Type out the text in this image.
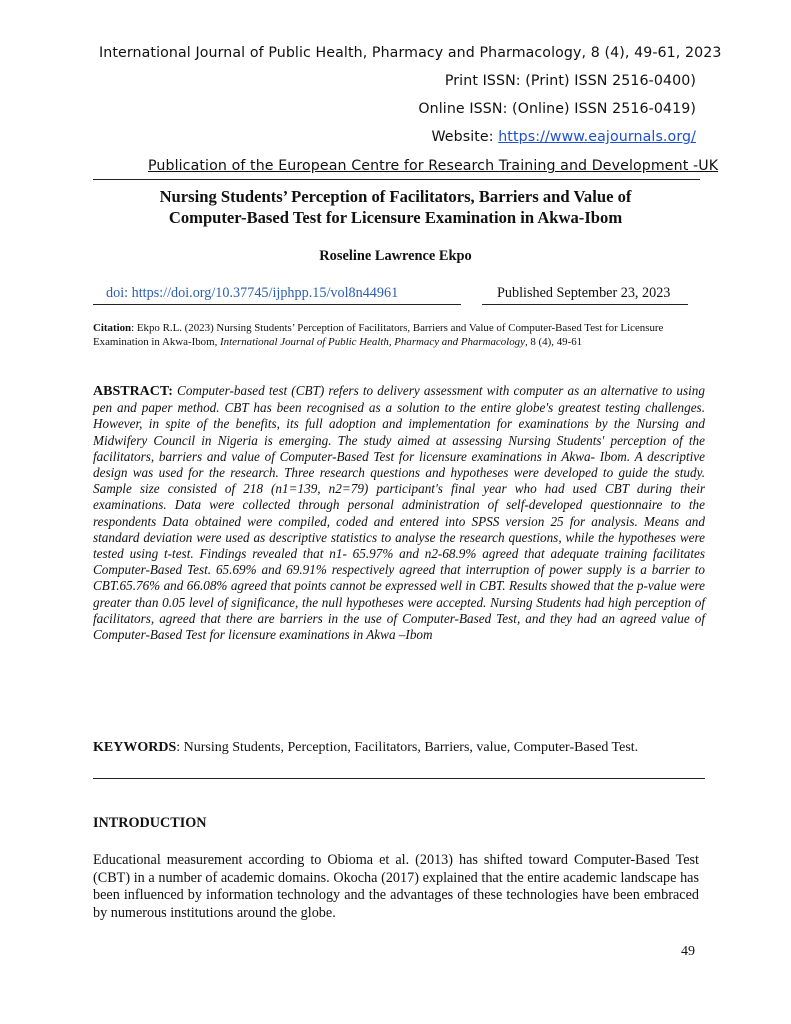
International Journal of Public Health, Pharmacy and Pharmacology, 8 (4), 49-61, 2023
Print ISSN: (Print) ISSN 2516-0400)
Online ISSN: (Online) ISSN 2516-0419)
Website: https://www.eajournals.org/
Publication of the European Centre for Research Training and Development -UK
Nursing Students’ Perception of Facilitators, Barriers and Value of
Computer-Based Test for Licensure Examination in Akwa-Ibom
Roseline Lawrence Ekpo
doi: https://doi.org/10.37745/ijphpp.15/vol8n44961	Published September 23, 2023

Citation: Ekpo R.L. (2023) Nursing Students’ Perception of Facilitators, Barriers and Value of Computer-Based Test for Licensure Examination in Akwa-Ibom, International Journal of Public Health, Pharmacy and Pharmacology, 8 (4), 49-61

ABSTRACT: Computer-based test (CBT) refers to delivery assessment with computer as an alternative to using pen and paper method. CBT has been recognised as a solution to the entire globe's greatest testing challenges. However, in spite of the benefits, its full adoption and implementation for examinations by the Nursing and Midwifery Council in Nigeria is emerging. The study aimed at assessing Nursing Students' perception of the facilitators, barriers and value of Computer-Based Test for licensure examinations in Akwa- Ibom. A descriptive design was used for the research. Three research questions and hypotheses were developed to guide the study. Sample size consisted of 218 (n1=139, n2=79) participant's final year who had used CBT during their examinations. Data were collected through personal administration of self-developed questionnaire to the respondents Data obtained were compiled, coded and entered into SPSS version 25 for analysis. Means and standard deviation were used as descriptive statistics to analyse the research questions, while the hypotheses were tested using t-test. Findings revealed that n1- 65.97% and n2-68.9% agreed that adequate training facilitates Computer-Based Test. 65.69% and 69.91% respectively agreed that interruption of power supply is a barrier to CBT.65.76% and 66.08% agreed that points cannot be expressed well in CBT. Results showed that the p-value were greater than 0.05 level of significance, the null hypotheses were accepted. Nursing Students had high perception of facilitators, agreed that there are barriers in the use of Computer-Based Test, and they had an agreed value of Computer-Based Test for licensure examinations in Akwa –Ibom

KEYWORDS: Nursing Students, Perception, Facilitators, Barriers, value, Computer-Based Test.

INTRODUCTION

Educational measurement according to Obioma et al. (2013) has shifted toward Computer-Based Test (CBT) in a number of academic domains. Okocha (2017) explained that the entire academic landscape has been influenced by information technology and the advantages of these technologies have been embraced by numerous institutions around the globe.

49
